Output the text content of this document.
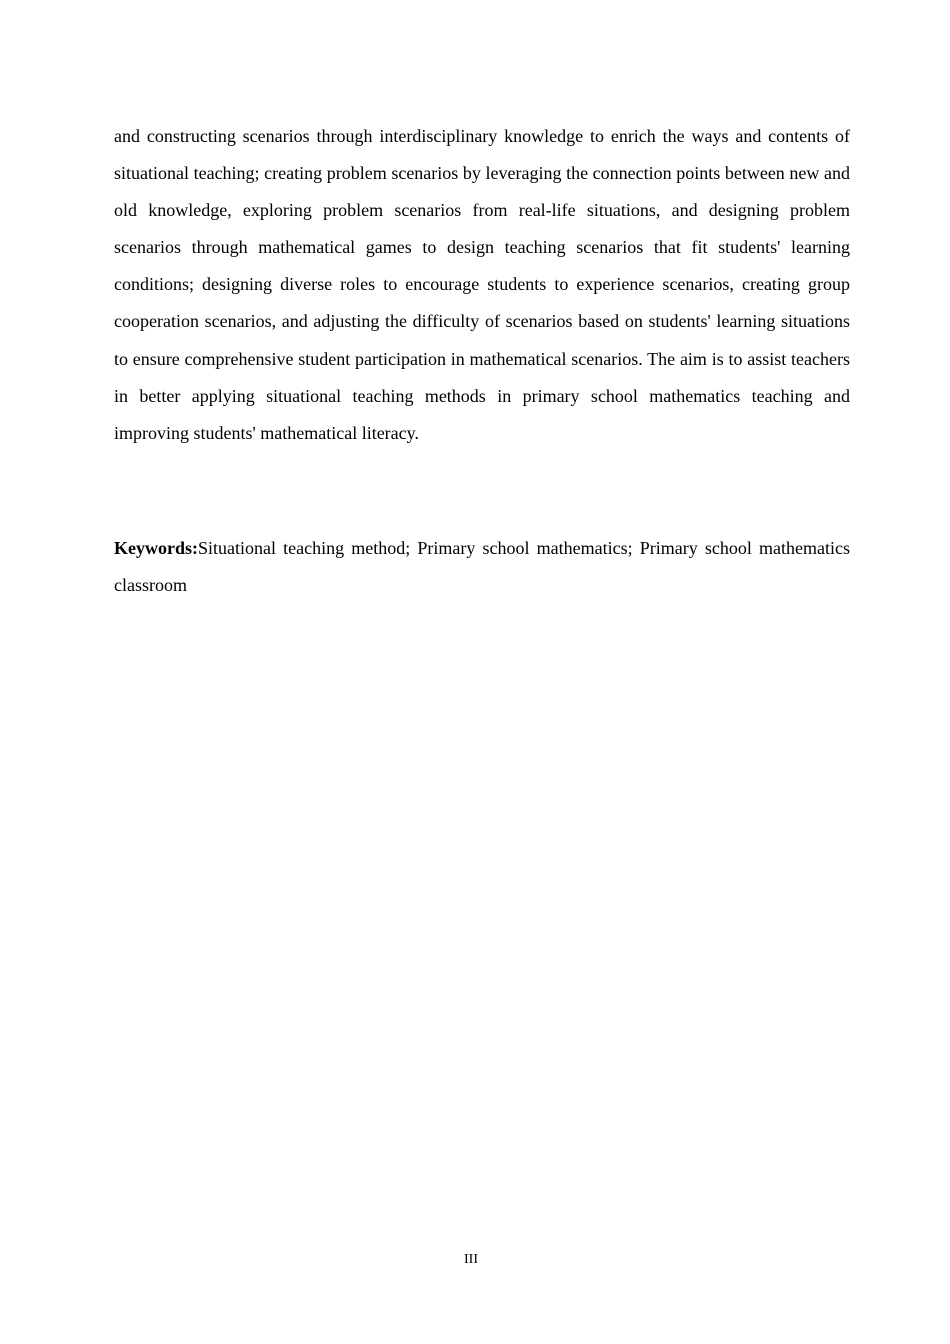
and constructing scenarios through interdisciplinary knowledge to enrich the ways and contents of situational teaching; creating problem scenarios by leveraging the connection points between new and old knowledge, exploring problem scenarios from real-life situations, and designing problem scenarios through mathematical games to design teaching scenarios that fit students' learning conditions; designing diverse roles to encourage students to experience scenarios, creating group cooperation scenarios, and adjusting the difficulty of scenarios based on students' learning situations to ensure comprehensive student participation in mathematical scenarios. The aim is to assist teachers in better applying situational teaching methods in primary school mathematics teaching and improving students' mathematical literacy.

Keywords:Situational teaching method; Primary school mathematics; Primary school mathematics classroom

III
